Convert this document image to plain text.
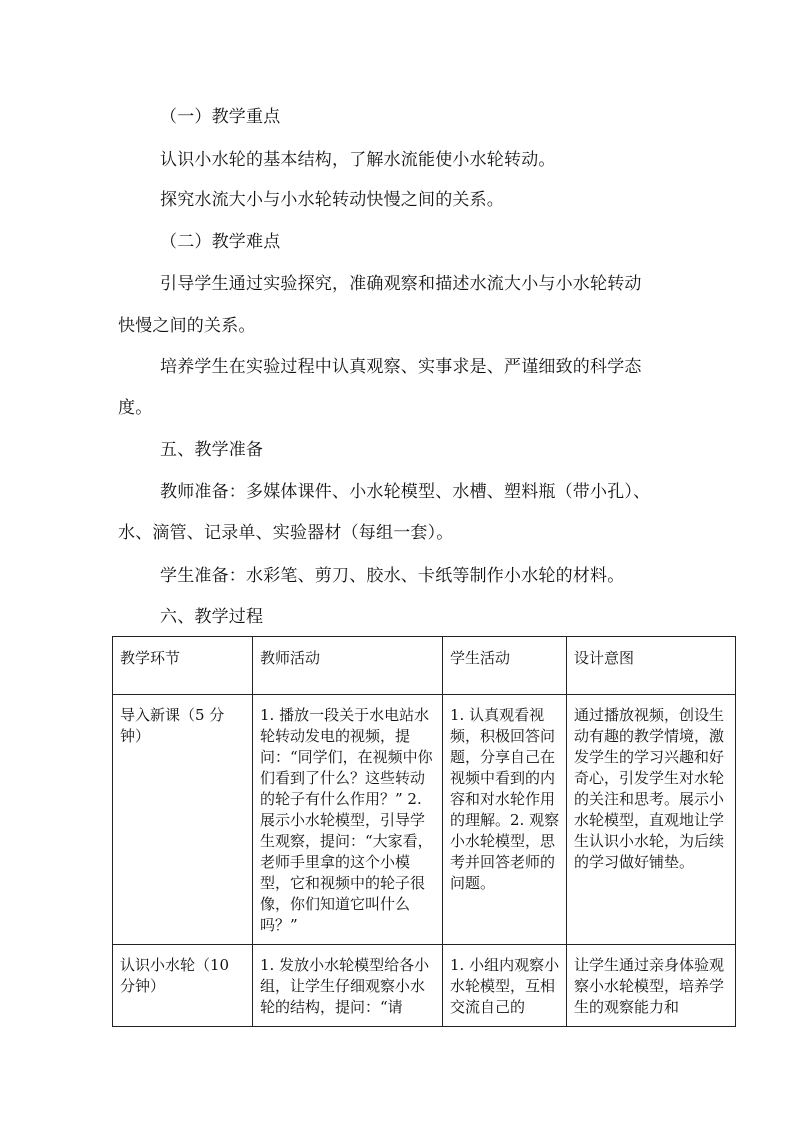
（一）教学重点
认识小水轮的基本结构，了解水流能使小水轮转动。
探究水流大小与小水轮转动快慢之间的关系。
（二）教学难点
引导学生通过实验探究，准确观察和描述水流大小与小水轮转动
快慢之间的关系。
培养学生在实验过程中认真观察、实事求是、严谨细致的科学态
度。
五、教学准备
教师准备：多媒体课件、小水轮模型、水槽、塑料瓶（带小孔）、
水、滴管、记录单、实验器材（每组一套）。
学生准备：水彩笔、剪刀、胶水、卡纸等制作小水轮的材料。
六、教学过程
教学环节	教师活动	学生活动	设计意图
导入新课（5 分钟）	1. 播放一段关于水电站水轮转动发电的视频，提问：“同学们，在视频中你们看到了什么？这些转动的轮子有什么作用？” 2. 展示小水轮模型，引导学生观察，提问：“大家看，老师手里拿的这个小模型，它和视频中的轮子很像，你们知道它叫什么吗？”	1. 认真观看视频，积极回答问题，分享自己在视频中看到的内容和对水轮作用的理解。2. 观察小水轮模型，思考并回答老师的问题。	通过播放视频，创设生动有趣的教学情境，激发学生的学习兴趣和好奇心，引发学生对水轮的关注和思考。展示小水轮模型，直观地让学生认识小水轮，为后续的学习做好铺垫。
认识小水轮（10 分钟）	1. 发放小水轮模型给各小组，让学生仔细观察小水轮的结构，提问：“请	1. 小组内观察小水轮模型，互相交流自己的	让学生通过亲身体验观察小水轮模型，培养学生的观察能力和
